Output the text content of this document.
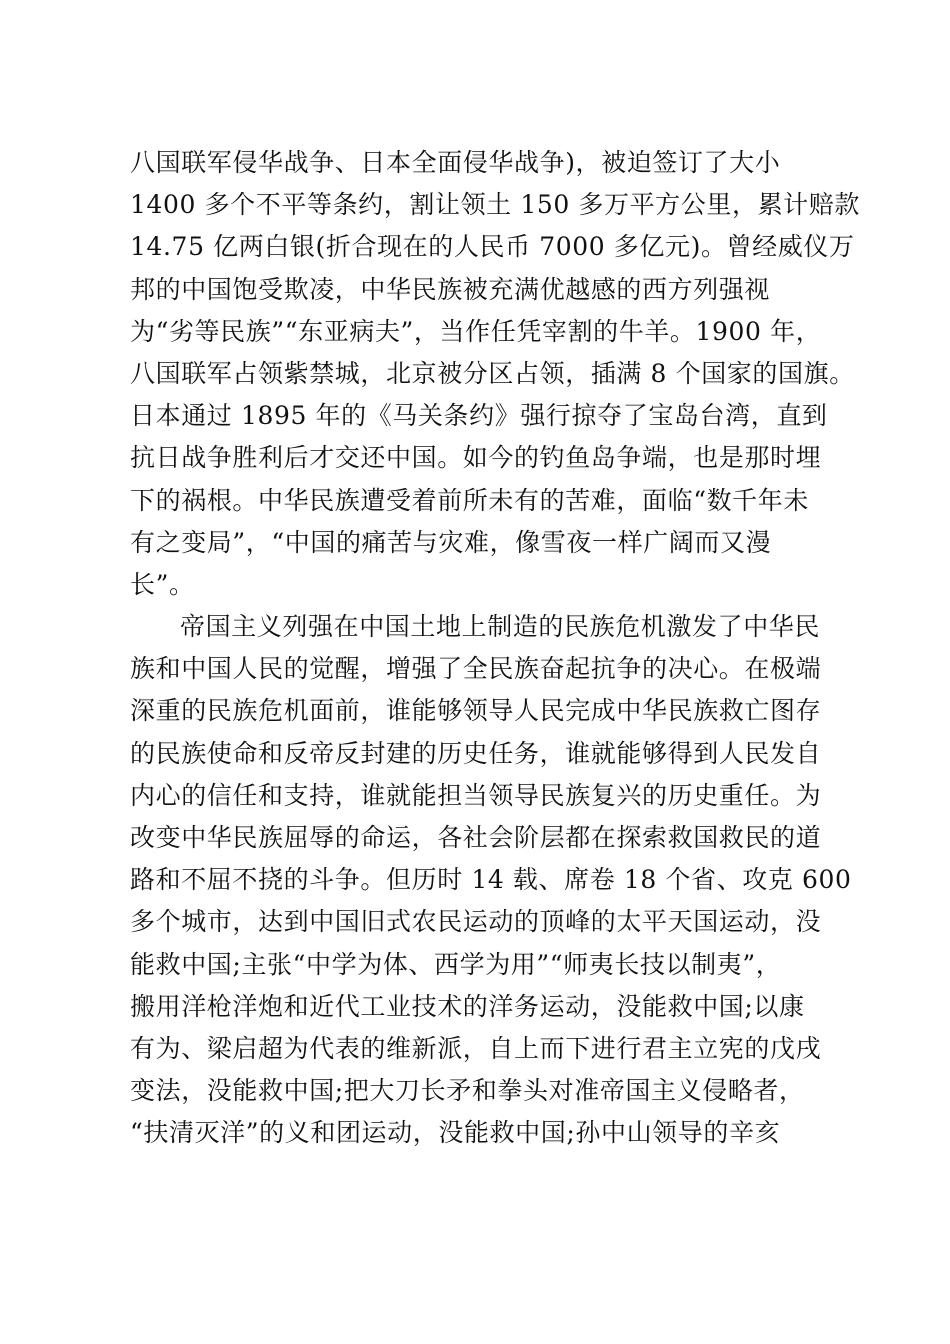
八国联军侵华战争、日本全面侵华战争)，被迫签订了大小
1400 多个不平等条约，割让领土 150 多万平方公里，累计赔款
14.75 亿两白银(折合现在的人民币 7000 多亿元)。曾经威仪万
邦的中国饱受欺凌，中华民族被充满优越感的西方列强视
为“劣等民族”“东亚病夫”，当作任凭宰割的牛羊。1900 年，
八国联军占领紫禁城，北京被分区占领，插满 8 个国家的国旗。
日本通过 1895 年的《马关条约》强行掠夺了宝岛台湾，直到
抗日战争胜利后才交还中国。如今的钓鱼岛争端，也是那时埋
下的祸根。中华民族遭受着前所未有的苦难，面临“数千年未
有之变局”，“中国的痛苦与灾难，像雪夜一样广阔而又漫
长”。
帝国主义列强在中国土地上制造的民族危机激发了中华民
族和中国人民的觉醒，增强了全民族奋起抗争的决心。在极端
深重的民族危机面前，谁能够领导人民完成中华民族救亡图存
的民族使命和反帝反封建的历史任务，谁就能够得到人民发自
内心的信任和支持，谁就能担当领导民族复兴的历史重任。为
改变中华民族屈辱的命运，各社会阶层都在探索救国救民的道
路和不屈不挠的斗争。但历时 14 载、席卷 18 个省、攻克 600
多个城市，达到中国旧式农民运动的顶峰的太平天国运动，没
能救中国;主张“中学为体、西学为用”“师夷长技以制夷”，
搬用洋枪洋炮和近代工业技术的洋务运动，没能救中国;以康
有为、梁启超为代表的维新派，自上而下进行君主立宪的戊戌
变法，没能救中国;把大刀长矛和拳头对准帝国主义侵略者，
“扶清灭洋”的义和团运动，没能救中国;孙中山领导的辛亥
